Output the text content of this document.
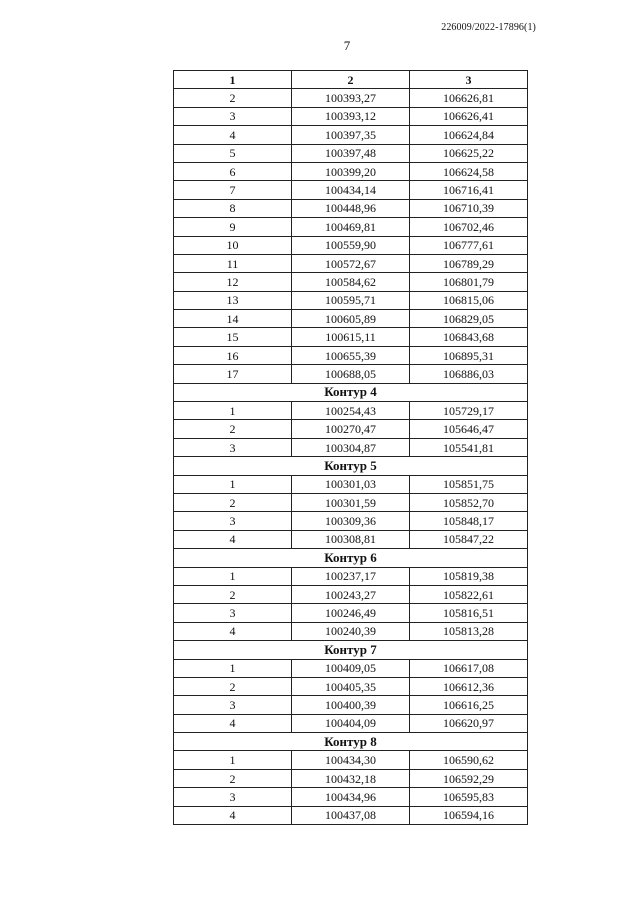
226009/2022-17896(1)
7
1	2	3
2	100393,27	106626,81
3	100393,12	106626,41
4	100397,35	106624,84
5	100397,48	106625,22
6	100399,20	106624,58
7	100434,14	106716,41
8	100448,96	106710,39
9	100469,81	106702,46
10	100559,90	106777,61
11	100572,67	106789,29
12	100584,62	106801,79
13	100595,71	106815,06
14	100605,89	106829,05
15	100615,11	106843,68
16	100655,39	106895,31
17	100688,05	106886,03
Контур 4		
1	100254,43	105729,17
2	100270,47	105646,47
3	100304,87	105541,81
Контур 5		
1	100301,03	105851,75
2	100301,59	105852,70
3	100309,36	105848,17
4	100308,81	105847,22
Контур 6		
1	100237,17	105819,38
2	100243,27	105822,61
3	100246,49	105816,51
4	100240,39	105813,28
Контур 7		
1	100409,05	106617,08
2	100405,35	106612,36
3	100400,39	106616,25
4	100404,09	106620,97
Контур 8		
1	100434,30	106590,62
2	100432,18	106592,29
3	100434,96	106595,83
4	100437,08	106594,16
